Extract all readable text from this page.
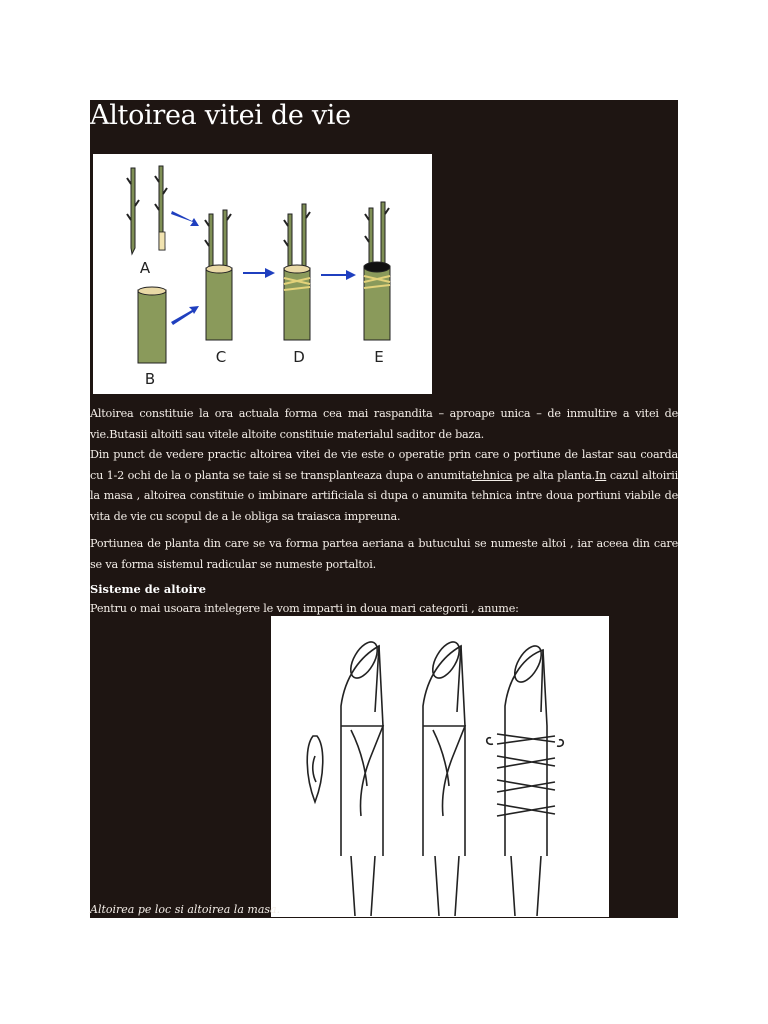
Altoirea vitei de vie
A
B
C	D	E
Altoirea constituie la ora actuala forma cea mai raspandita – aproape unica – de inmultire a vitei de vie.Butasii altoiti sau vitele altoite constituie materialul saditor de baza.
Din punct de vedere practic altoirea vitei de vie este o operatie prin care o portiune de lastar sau coarda cu 1-2 ochi de la o planta se taie si se transplanteaza dupa o anumitatehnica pe alta planta.In cazul altoirii la masa , altoirea constituie o imbinare artificiala si dupa o anumita tehnica intre doua portiuni viabile de vita de vie cu scopul de a le obliga sa traiasca impreuna.
Portiunea de planta din care se va forma partea aeriana a butucului se numeste altoi , iar aceea din care se va forma sistemul radicular se numeste portaltoi.
Sisteme de altoire
Pentru o mai usoara intelegere le vom imparti in doua mari categorii , anume:
Altoirea pe loc si altoirea la masa.
